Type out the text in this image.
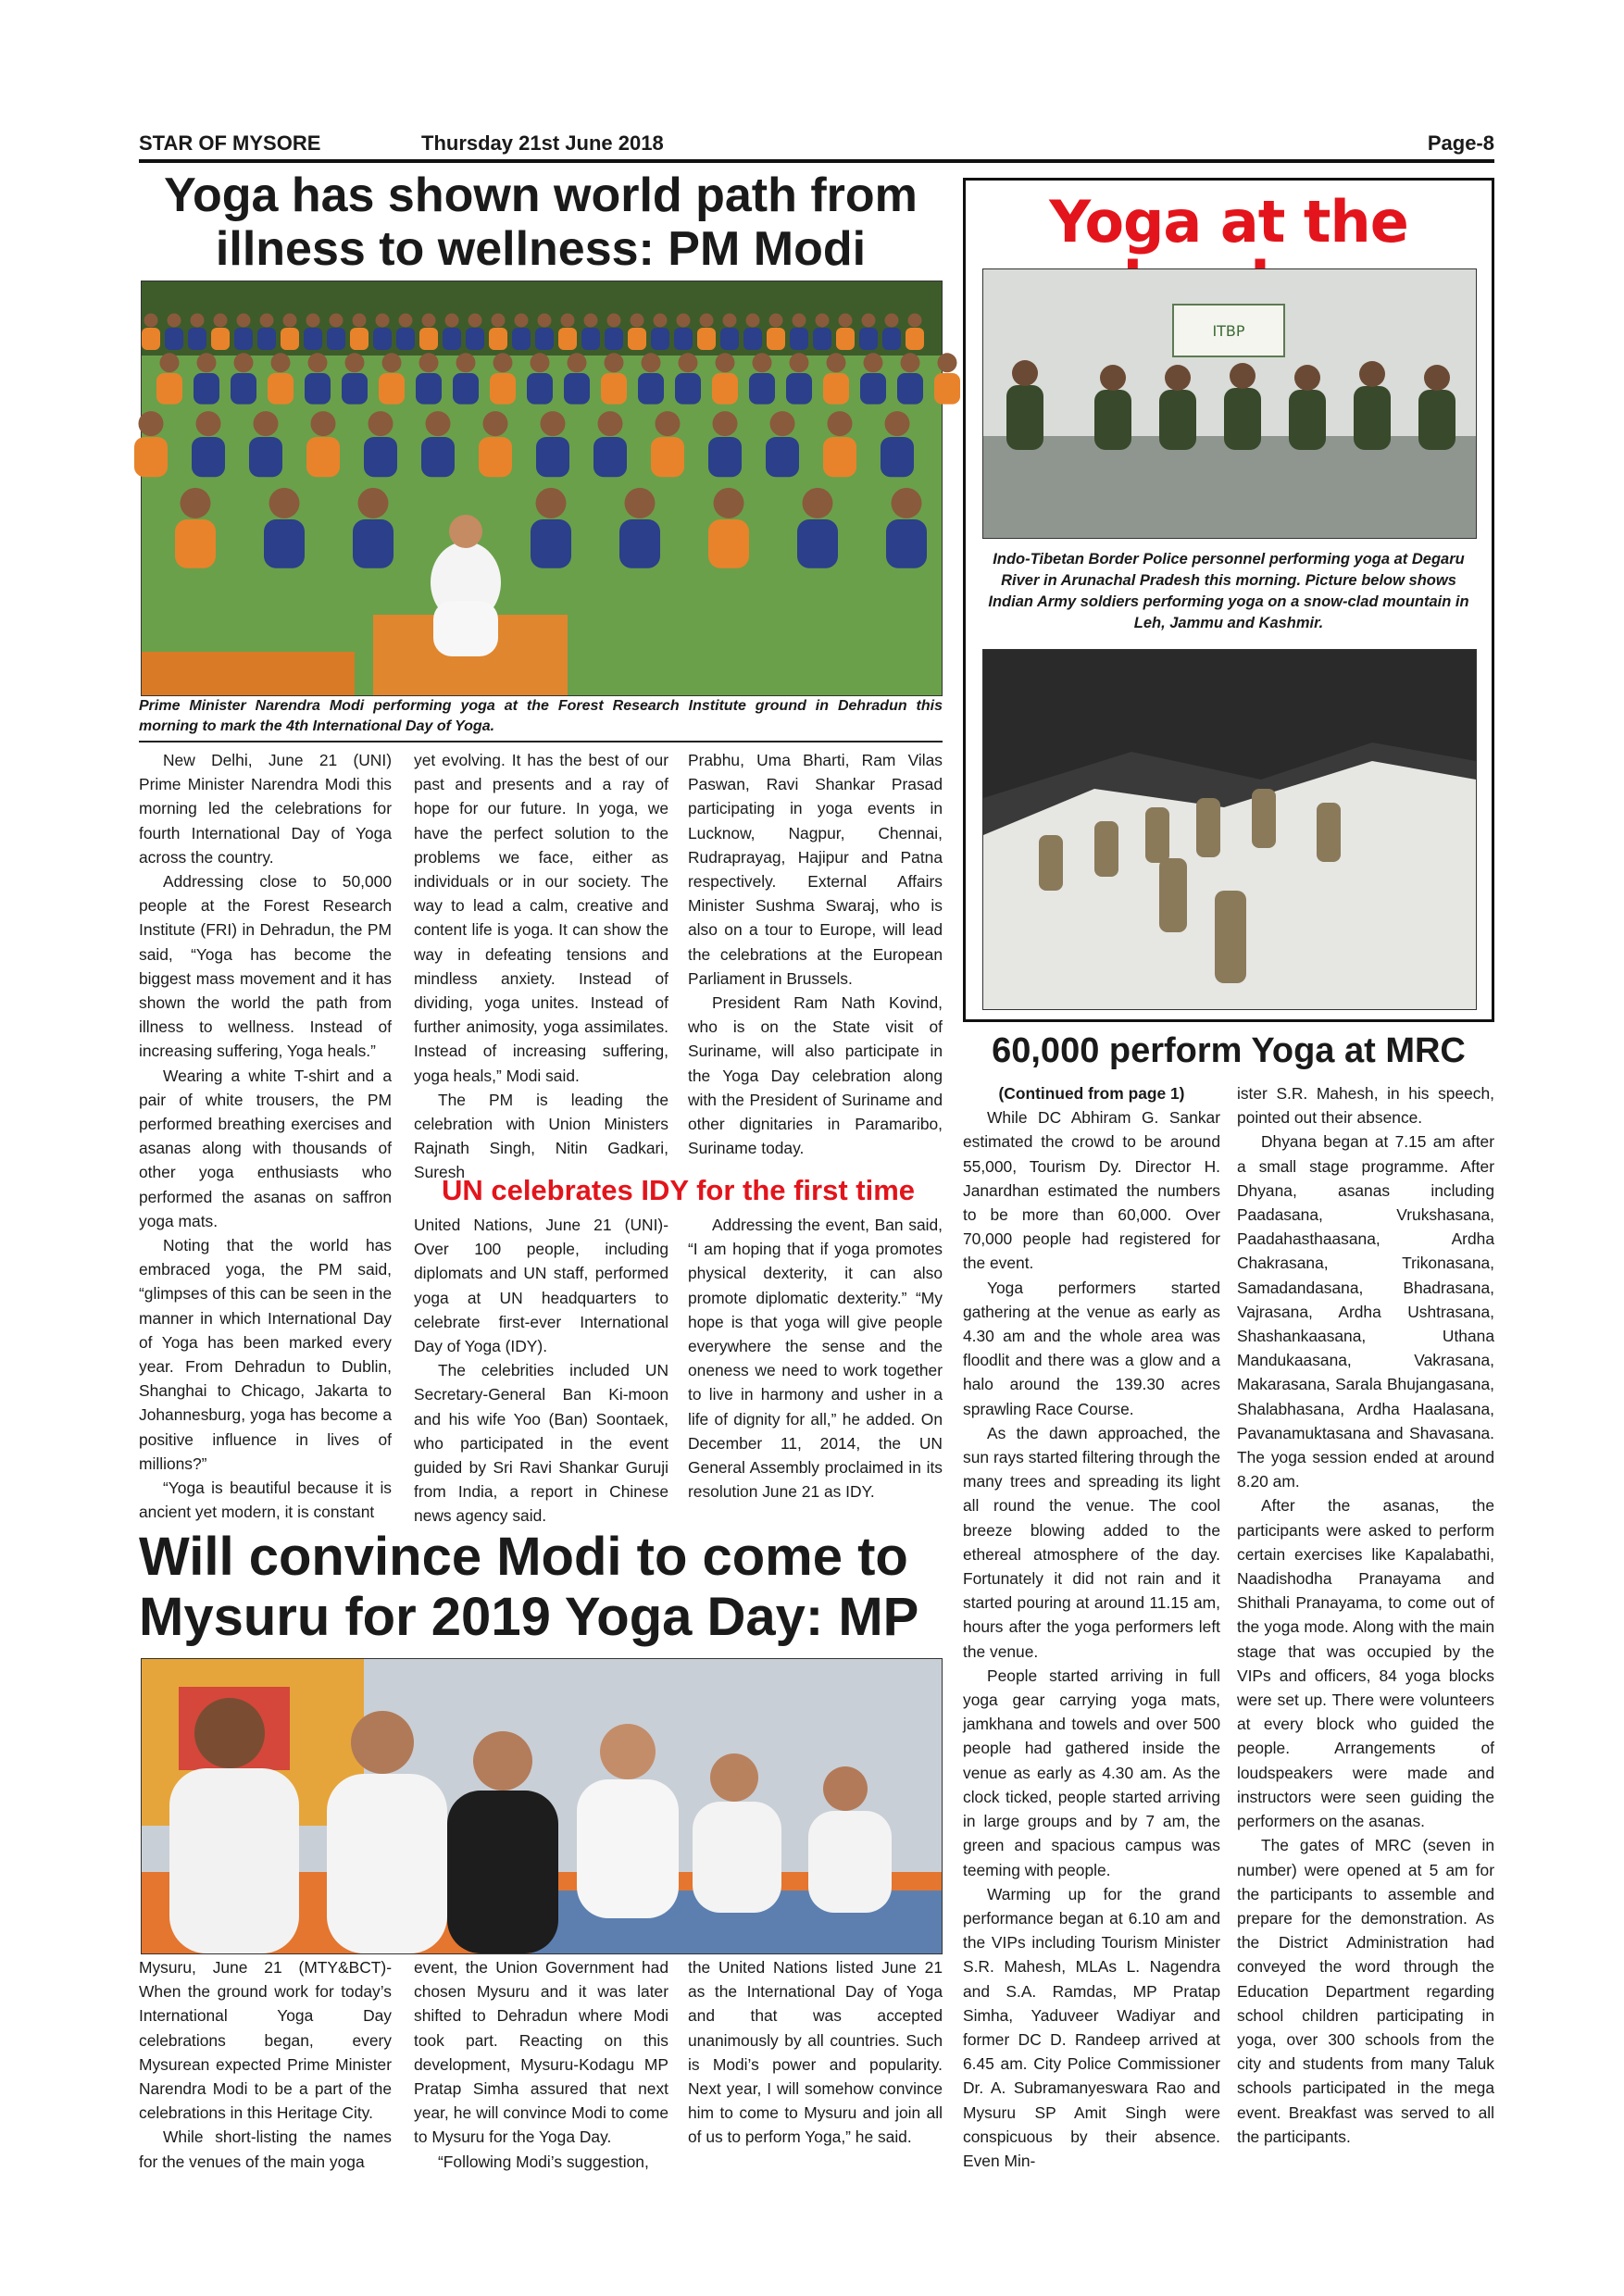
STAR OF MYSORE	Thursday 21st June 2018	Page-8
Yoga has shown world path from
illness to wellness: PM Modi
Prime Minister Narendra Modi performing yoga at the Forest Research Institute ground in Dehradun this
morning to mark the 4th International Day of Yoga.

New Delhi, June 21 (UNI) Prime Minister Narendra Modi this morning led the celebrations for fourth International Day of Yoga across the country.

Addressing close to 50,000 people at the Forest Research Institute (FRI) in Dehradun, the PM said, “Yoga has become the biggest mass movement and it has shown the world the path from illness to wellness. Instead of increasing suffering, Yoga heals.”

Wearing a white T-shirt and a pair of white trousers, the PM performed breathing exercises and asanas along with thousands of other yoga enthusiasts who performed the asanas on saffron yoga mats.

Noting that the world has embraced yoga, the PM said, “glimpses of this can be seen in the manner in which International Day of Yoga has been marked every year. From Dehradun to Dublin, Shanghai to Chicago, Jakarta to Johannesburg, yoga has become a positive influence in lives of millions?”

“Yoga is beautiful because it is ancient yet modern, it is constant

yet evolving. It has the best of our past and presents and a ray of hope for our future. In yoga, we have the perfect solution to the problems we face, either as individuals or in our society. The way to lead a calm, creative and content life is yoga. It can show the way in defeating tensions and mindless anxiety. Instead of dividing, yoga unites. Instead of further animosity, yoga assimilates. Instead of increasing suffering, yoga heals,” Modi said.

The PM is leading the celebration with Union Ministers Rajnath Singh, Nitin Gadkari, Suresh

Prabhu, Uma Bharti, Ram Vilas Paswan, Ravi Shankar Prasad participating in yoga events in Lucknow, Nagpur, Chennai, Rudraprayag, Hajipur and Patna respectively. External Affairs Minister Sushma Swaraj, who is also on a tour to Europe, will lead the celebrations at the European Parliament in Brussels.

President Ram Nath Kovind, who is on the State visit of Suriname, will also participate in the Yoga Day celebration along with the President of Suriname and other dignitaries in Paramaribo, Suriname today.

UN celebrates IDY for the first time

United Nations, June 21 (UNI)- Over 100 people, including diplomats and UN staff, performed yoga at UN headquarters to celebrate first-ever International Day of Yoga (IDY).

The celebrities included UN Secretary-General Ban Ki-moon and his wife Yoo (Ban) Soontaek, who participated in the event guided by Sri Ravi Shankar Guruji from India, a report in Chinese news agency said.

Addressing the event, Ban said, “I am hoping that if yoga promotes physical dexterity, it can also promote diplomatic dexterity.” “My hope is that yoga will give people everywhere the sense and the oneness we need to work together to live in harmony and usher in a life of dignity for all,” he added. On December 11, 2014, the UN General Assembly proclaimed in its resolution June 21 as IDY.

Will convince Modi to come to
Mysuru for 2019 Yoga Day: MP

Mysuru, June 21 (MTY&BCT)- When the ground work for today’s International Yoga Day celebrations began, every Mysurean expected Prime Minister Narendra Modi to be a part of the celebrations in this Heritage City.

While short-listing the names for the venues of the main yoga

event, the Union Government had chosen Mysuru and it was later shifted to Dehradun where Modi took part. Reacting on this development, Mysuru-Kodagu MP Pratap Simha assured that next year, he will convince Modi to come to Mysuru for the Yoga Day.

“Following Modi’s suggestion,

the United Nations listed June 21 as the International Day of Yoga and that was accepted unanimously by all countries. Such is Modi’s power and popularity. Next year, I will somehow convince him to come to Mysuru and join all of us to perform Yoga,” he said.

Yoga at the
ITBP
Indo-Tibetan Border Police personnel performing yoga at Degaru River in Arunachal Pradesh this morning. Picture below shows Indian Army soldiers performing yoga on a snow-clad mountain in Leh, Jammu and Kashmir.
60,000 perform Yoga at MRC

(Continued from page 1)

While DC Abhiram G. Sankar estimated the crowd to be around 55,000, Tourism Dy. Director H. Janardhan estimated the numbers to be more than 60,000. Over 70,000 people had registered for the event.

Yoga performers started gathering at the venue as early as 4.30 am and the whole area was floodlit and there was a glow and a halo around the 139.30 acres sprawling Race Course.

As the dawn approached, the sun rays started filtering through the many trees and spreading its light all round the venue. The cool breeze blowing added to the ethereal atmosphere of the day. Fortunately it did not rain and it started pouring at around 11.15 am, hours after the yoga performers left the venue.

People started arriving in full yoga gear carrying yoga mats, jamkhana and towels and over 500 people had gathered inside the venue as early as 4.30 am. As the clock ticked, people started arriving in large groups and by 7 am, the green and spacious campus was teeming with people.

Warming up for the grand performance began at 6.10 am and the VIPs including Tourism Minister S.R. Mahesh, MLAs L. Nagendra and S.A. Ramdas, MP Pratap Simha, Yaduveer Wadiyar and former DC D. Randeep arrived at 6.45 am. City Police Commissioner Dr. A. Subramanyeswara Rao and Mysuru SP Amit Singh were conspicuous by their absence. Even Min-

ister S.R. Mahesh, in his speech, pointed out their absence.

Dhyana began at 7.15 am after a small stage programme. After Dhyana, asanas including Paadasana, Vrukshasana, Paadahasthaasana, Ardha Chakrasana, Trikonasana, Samadandasana, Bhadrasana, Vajrasana, Ardha Ushtrasana, Shashankaasana, Uthana Mandukaasana, Vakrasana, Makarasana, Sarala Bhujangasana, Shalabhasana, Ardha Haalasana, Pavanamuktasana and Shavasana. The yoga session ended at around 8.20 am.

After the asanas, the participants were asked to perform certain exercises like Kapalabathi, Naadishodha Pranayama and Shithali Pranayama, to come out of the yoga mode. Along with the main stage that was occupied by the VIPs and officers, 84 yoga blocks were set up. There were volunteers at every block who guided the people. Arrangements of loudspeakers were made and instructors were seen guiding the performers on the asanas.

The gates of MRC (seven in number) were opened at 5 am for the participants to assemble and prepare for the demonstration. As the District Administration had conveyed the word through the Education Department regarding school children participating in yoga, over 300 schools from the city and students from many Taluk schools participated in the mega event. Breakfast was served to all the participants.
